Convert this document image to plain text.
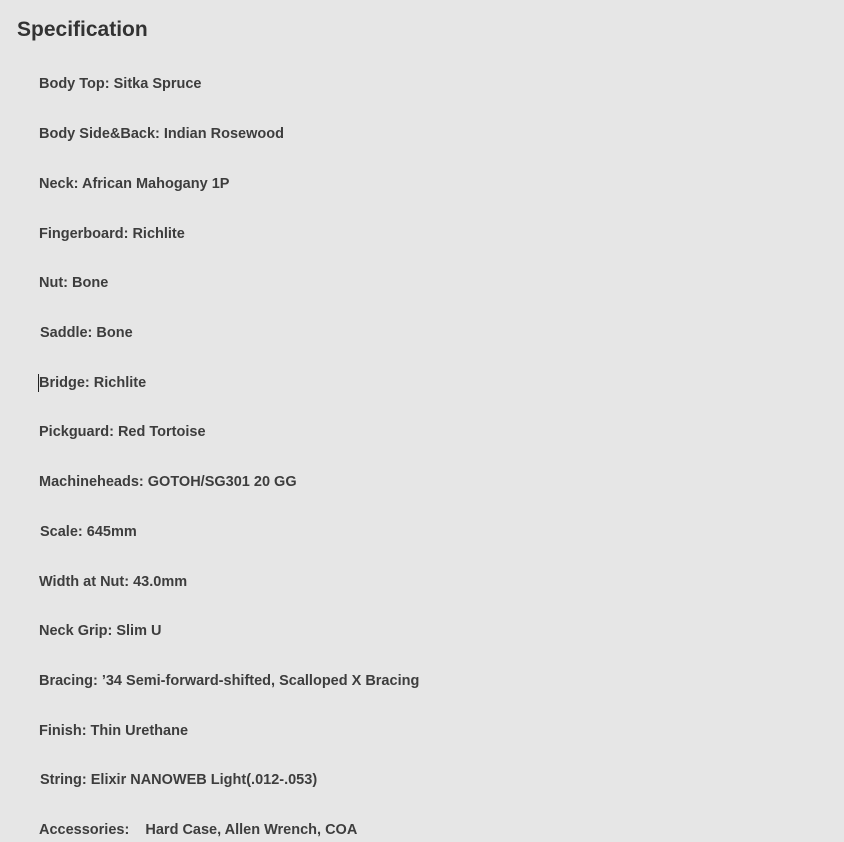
Specification
Body Top: Sitka Spruce
Body Side&Back: Indian Rosewood
Neck: African Mahogany 1P
Fingerboard: Richlite
Nut: Bone
Saddle: Bone
Bridge: Richlite
Pickguard: Red Tortoise
Machineheads: GOTOH/SG301 20 GG
Scale: 645mm
Width at Nut: 43.0mm
Neck Grip: Slim U
Bracing: ’34 Semi-forward-shifted, Scalloped X Bracing
Finish: Thin Urethane
String: Elixir NANOWEB Light(.012-.053)
Accessories:    Hard Case, Allen Wrench, COA
